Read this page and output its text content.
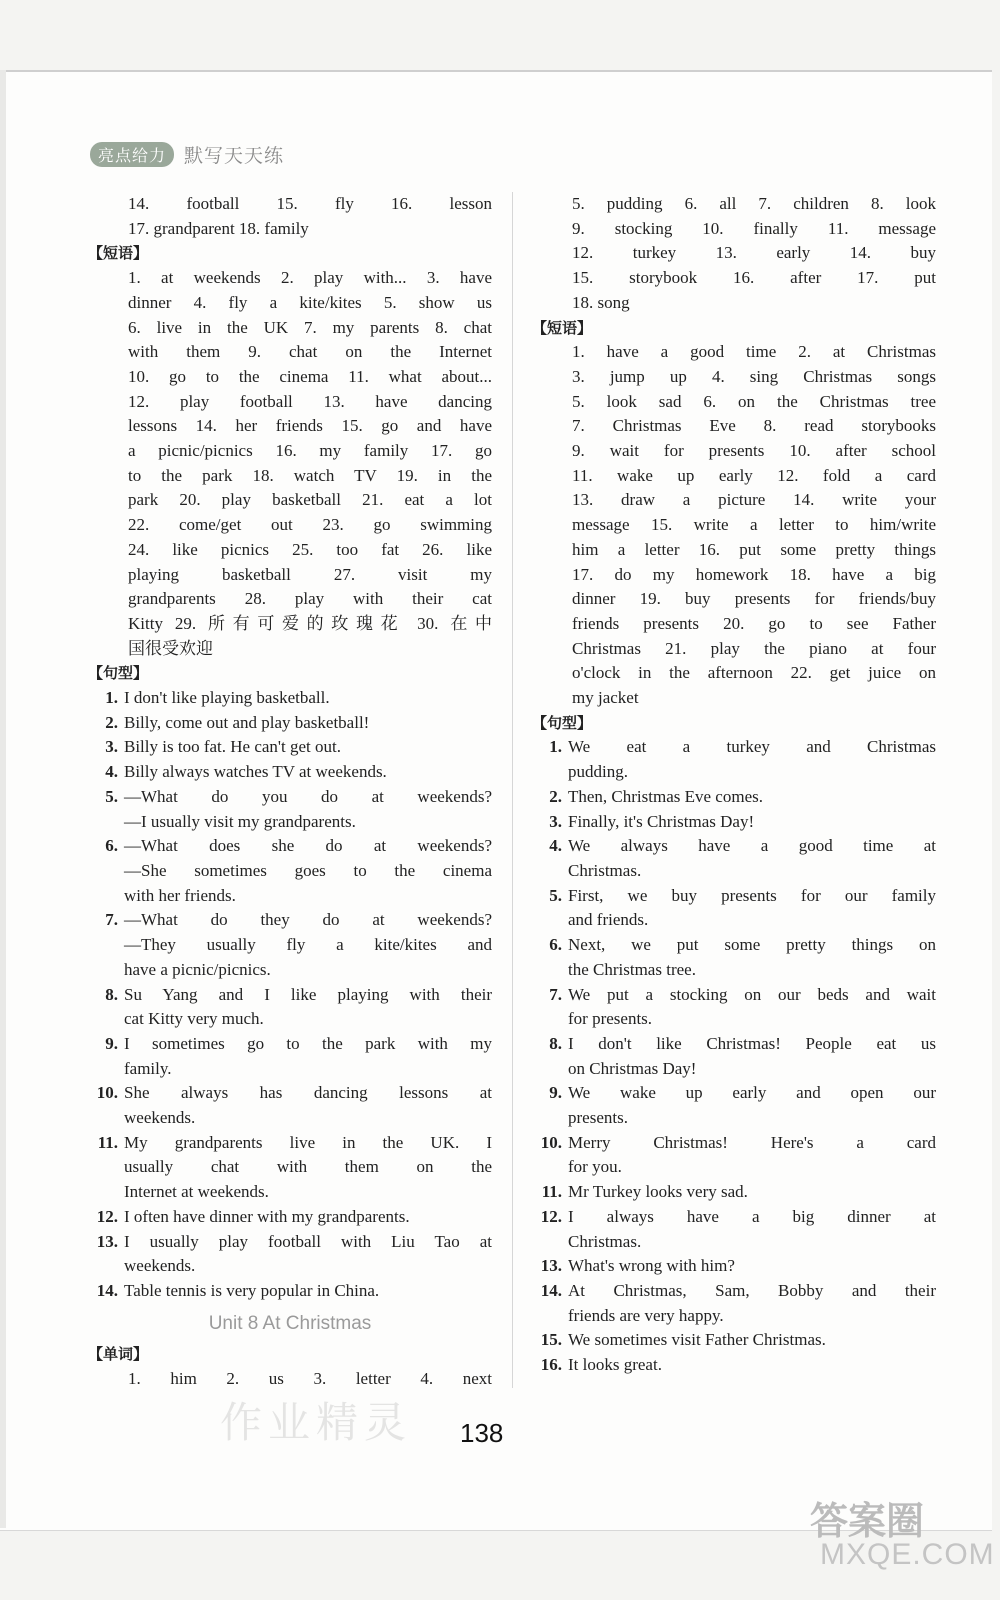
亮点给力 默写天天练
14. football 15. fly 16. lesson
17. grandparent 18. family
【短语】
1. at weekends 2. play with... 3. have
dinner 4. fly a kite/kites 5. show us
6. live in the UK 7. my parents 8. chat
with them 9. chat on the Internet
10. go to the cinema 11. what about...
12. play football 13. have dancing
lessons 14. her friends 15. go and have
a picnic/picnics 16. my family 17. go
to the park 18. watch TV 19. in the
park 20. play basketball 21. eat a lot
22. come/get out 23. go swimming
24. like picnics 25. too fat 26. like
playing basketball 27. visit my
grandparents 28. play with their cat
Kitty 29. 所有可爱的玫瑰花 30. 在中
国很受欢迎
【句型】
1. I don't like playing basketball.
2. Billy, come out and play basketball!
3. Billy is too fat. He can't get out.
4. Billy always watches TV at weekends.
5. —What do you do at weekends?
—I usually visit my grandparents.
6. —What does she do at weekends?
—She sometimes goes to the cinema
with her friends.
7. —What do they do at weekends?
—They usually fly a kite/kites and
have a picnic/picnics.
8. Su Yang and I like playing with their
cat Kitty very much.
9. I sometimes go to the park with my
family.
10. She always has dancing lessons at
weekends.
11. My grandparents live in the UK. I
usually chat with them on the
Internet at weekends.
12. I often have dinner with my grandparents.
13. I usually play football with Liu Tao at
weekends.
14. Table tennis is very popular in China.
Unit 8 At Christmas
【单词】
1. him 2. us 3. letter 4. next
5. pudding 6. all 7. children 8. look
9. stocking 10. finally 11. message
12. turkey 13. early 14. buy
15. storybook 16. after 17. put
18. song
【短语】
1. have a good time 2. at Christmas
3. jump up 4. sing Christmas songs
5. look sad 6. on the Christmas tree
7. Christmas Eve 8. read storybooks
9. wait for presents 10. after school
11. wake up early 12. fold a card
13. draw a picture 14. write your
message 15. write a letter to him/write
him a letter 16. put some pretty things
17. do my homework 18. have a big
dinner 19. buy presents for friends/buy
friends presents 20. go to see Father
Christmas 21. play the piano at four
o'clock in the afternoon 22. get juice on
my jacket
【句型】
1. We eat a turkey and Christmas
pudding.
2. Then, Christmas Eve comes.
3. Finally, it's Christmas Day!
4. We always have a good time at
Christmas.
5. First, we buy presents for our family
and friends.
6. Next, we put some pretty things on
the Christmas tree.
7. We put a stocking on our beds and wait
for presents.
8. I don't like Christmas! People eat us
on Christmas Day!
9. We wake up early and open our
presents.
10. Merry Christmas! Here's a card
for you.
11. Mr Turkey looks very sad.
12. I always have a big dinner at
Christmas.
13. What's wrong with him?
14. At Christmas, Sam, Bobby and their
friends are very happy.
15. We sometimes visit Father Christmas.
16. It looks great.
作业精灵 138
答案圈
MXQE.COM
